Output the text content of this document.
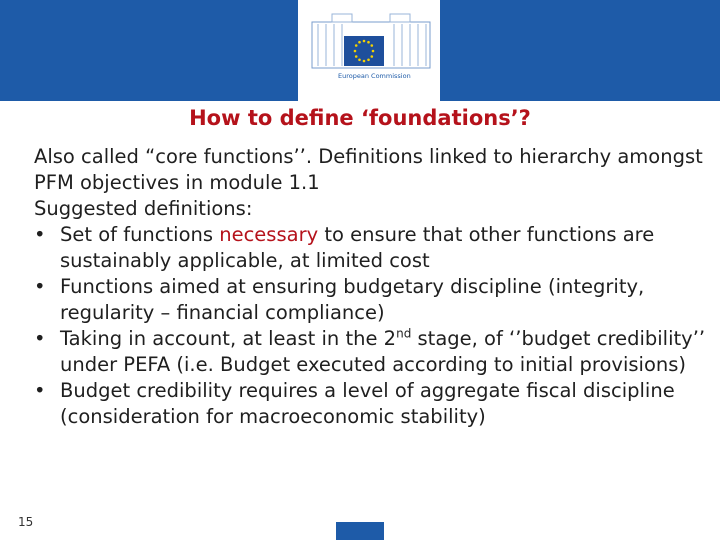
European Commission
How to define ‘foundations’?

Also called “core functions’’. Definitions linked to hierarchy amongst PFM objectives in module 1.1

Suggested definitions:

• Set of functions necessary to ensure that other functions are sustainably applicable, at limited cost
• Functions aimed at ensuring budgetary discipline (integrity, regularity – financial compliance)
• Taking in account, at least in the 2nd stage, of ‘’budget credibility’’ under PEFA (i.e. Budget executed according to initial provisions)
• Budget credibility requires a level of aggregate fiscal discipline (consideration for macroeconomic stability)
15
